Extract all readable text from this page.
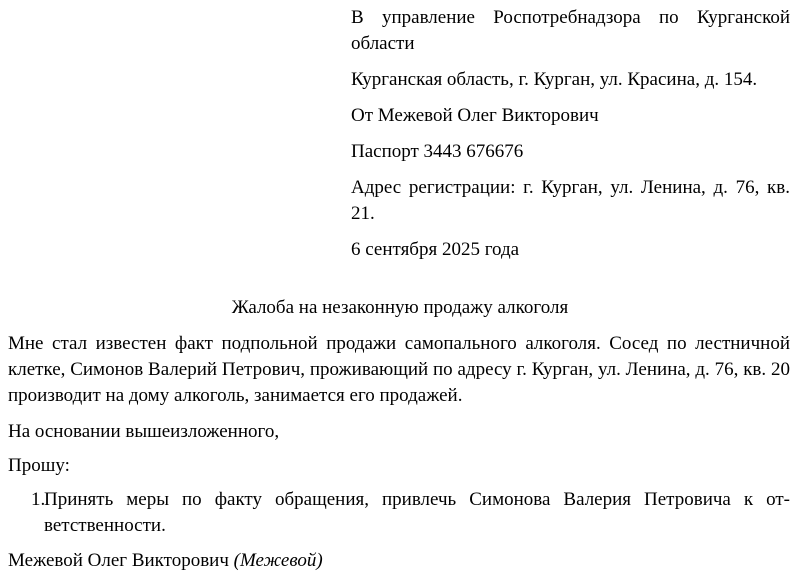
В управление Роспотребнадзора по Курганской области

Курганская область, г. Курган, ул. Красина, д. 154.

От Межевой Олег Викторович

Паспорт 3443 676676

Адрес регистрации: г. Курган, ул. Ленина, д. 76, кв. 21.

6 сентября 2025 года

Жалоба на незаконную продажу алкоголя

Мне стал известен факт подпольной продажи самопального алкоголя. Сосед по лестничной клетке, Симонов Валерий Петрович, проживающий по адресу г. Курган, ул. Ленина, д. 76, кв. 20 производит на дому алкоголь, занимается его продажей.

На основании вышеизложенного,

Прошу:

1.
Принять меры по факту обращения, привлечь Симонова Валерия Петровича к ответственности.

Межевой Олег Викторович (Межевой)
